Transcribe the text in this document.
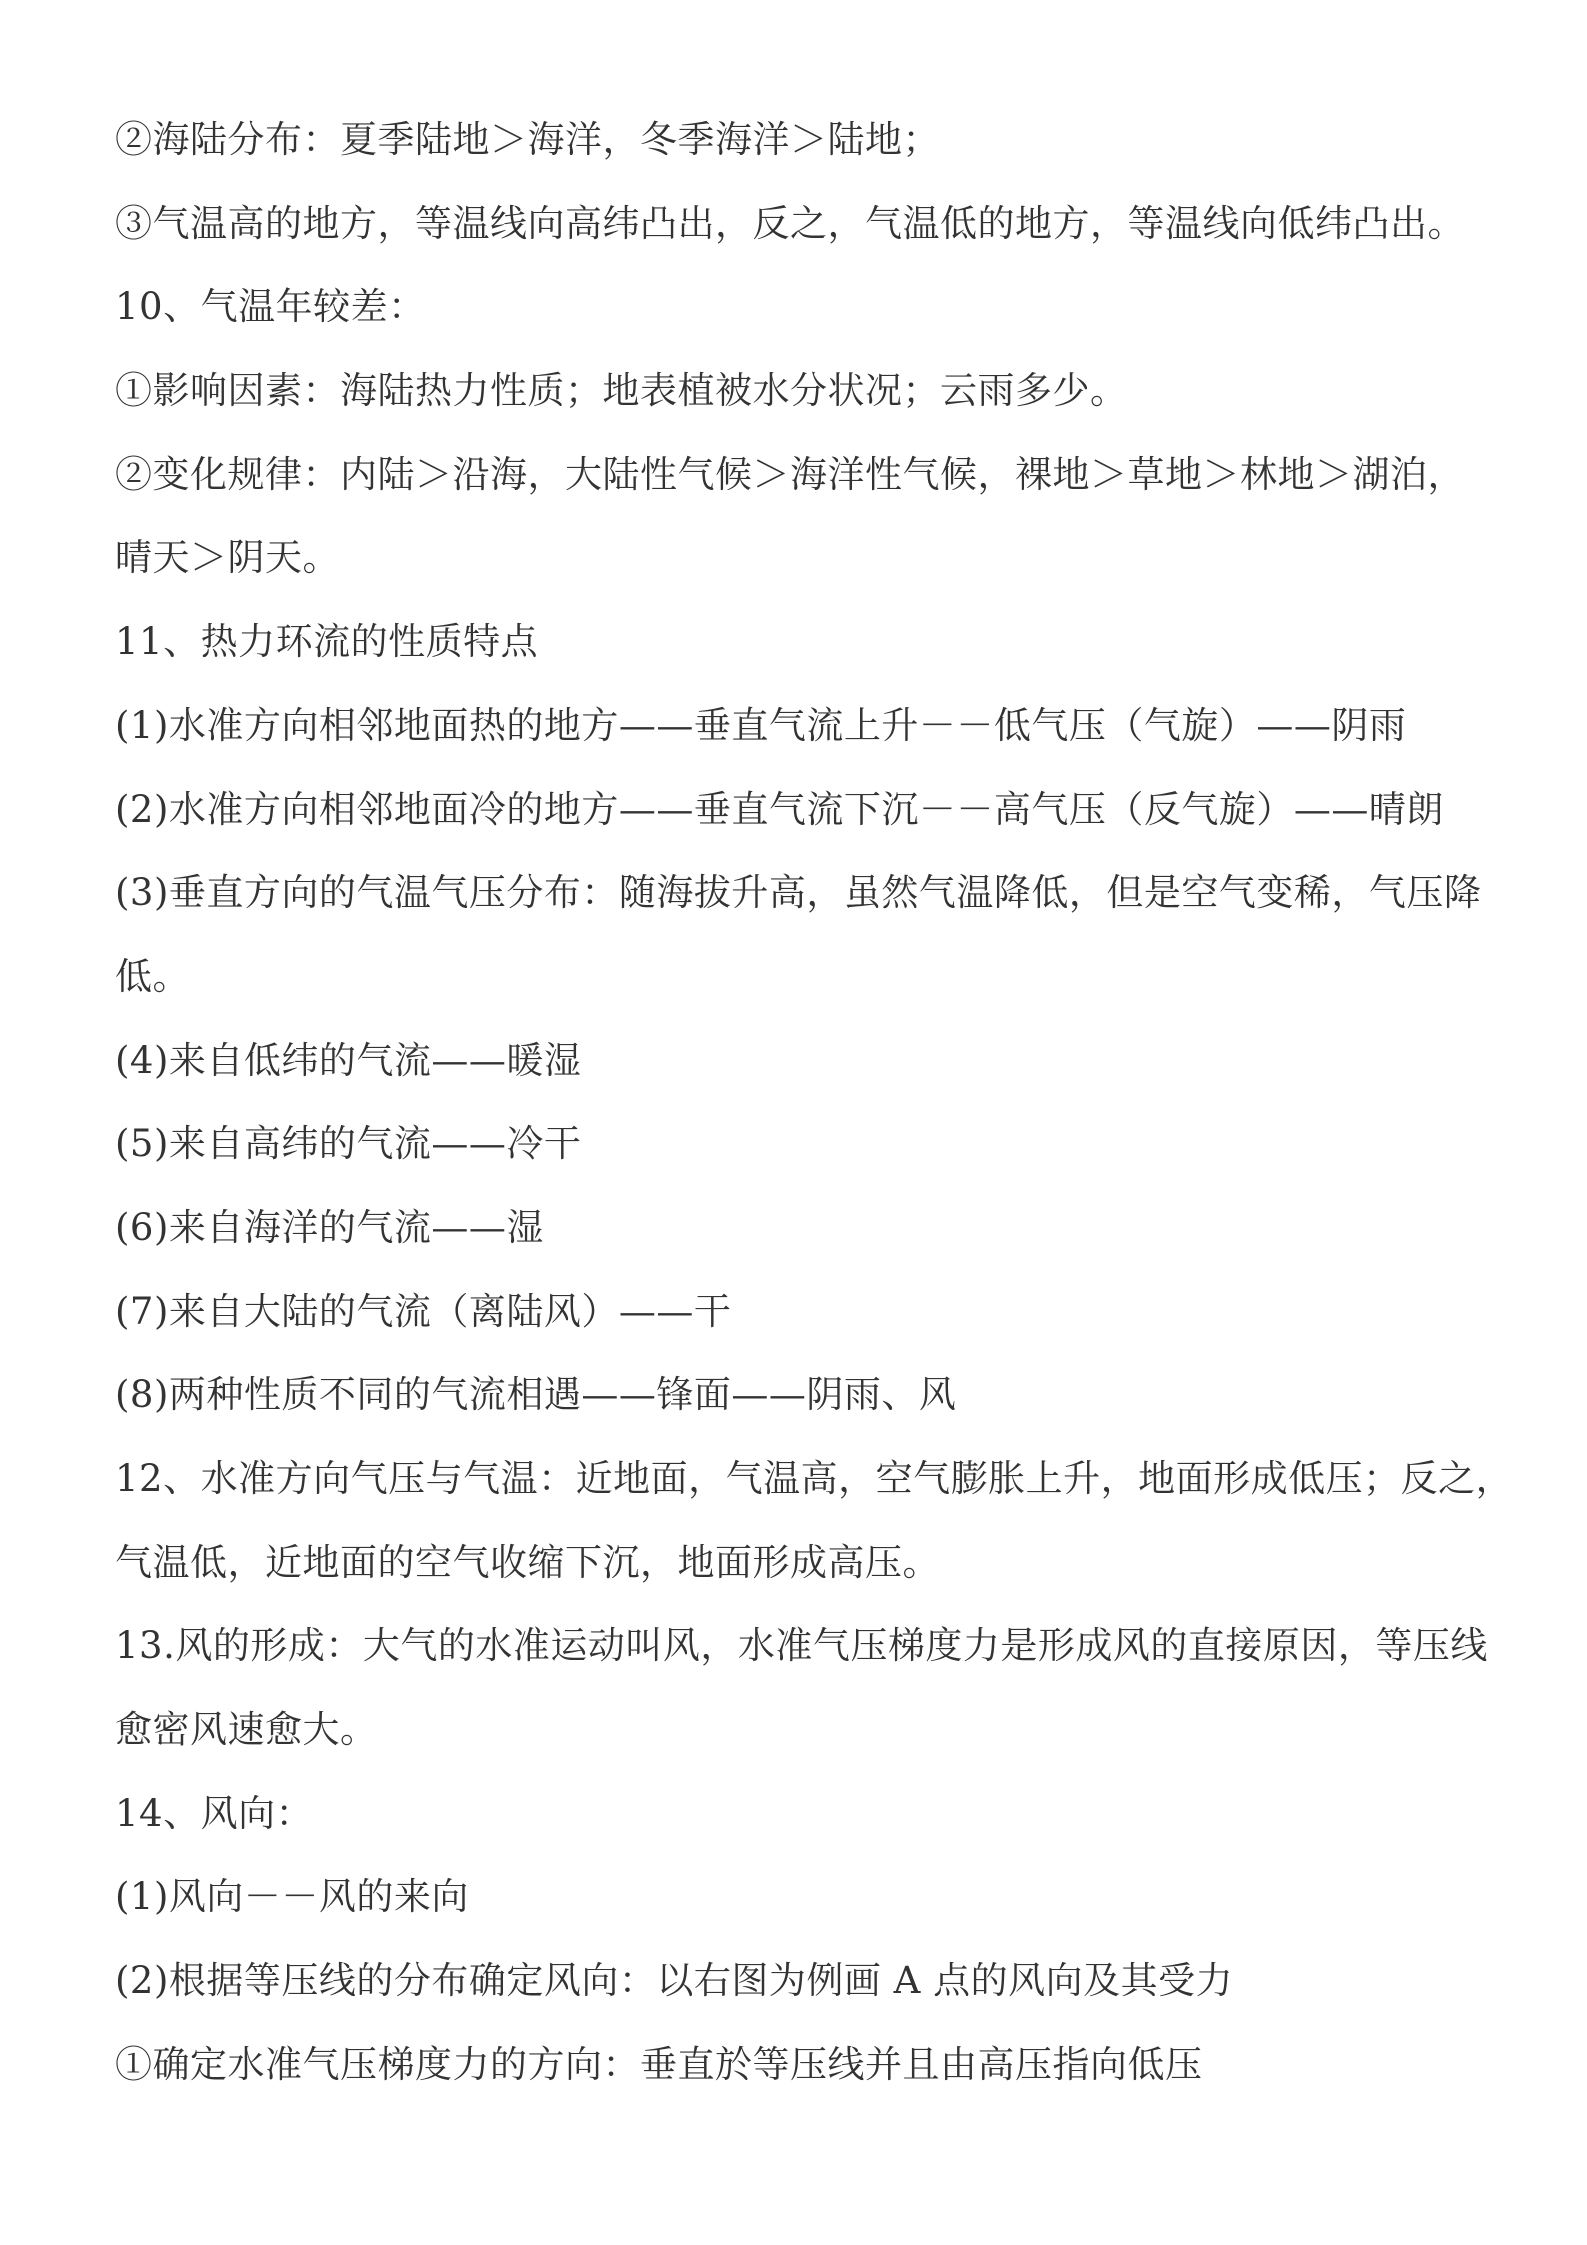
②海陆分布：夏季陆地＞海洋，冬季海洋＞陆地；
③气温高的地方，等温线向高纬凸出，反之，气温低的地方，等温线向低纬凸出。
10、气温年较差：
①影响因素：海陆热力性质；地表植被水分状况；云雨多少。
②变化规律：内陆＞沿海，大陆性气候＞海洋性气候，裸地＞草地＞林地＞湖泊，
晴天＞阴天。
11、热力环流的性质特点
(1)水准方向相邻地面热的地方——垂直气流上升－－低气压（气旋）——阴雨
(2)水准方向相邻地面冷的地方——垂直气流下沉－－高气压（反气旋）——晴朗
(3)垂直方向的气温气压分布：随海拔升高，虽然气温降低，但是空气变稀，气压降
低。
(4)来自低纬的气流——暖湿
(5)来自高纬的气流——冷干
(6)来自海洋的气流——湿
(7)来自大陆的气流（离陆风）——干
(8)两种性质不同的气流相遇——锋面——阴雨、风
12、水准方向气压与气温：近地面，气温高，空气膨胀上升，地面形成低压；反之，
气温低，近地面的空气收缩下沉，地面形成高压。
13.风的形成：大气的水准运动叫风，水准气压梯度力是形成风的直接原因，等压线
愈密风速愈大。
14、风向：
(1)风向－－风的来向
(2)根据等压线的分布确定风向：以右图为例画 A 点的风向及其受力
①确定水准气压梯度力的方向：垂直於等压线并且由高压指向低压
